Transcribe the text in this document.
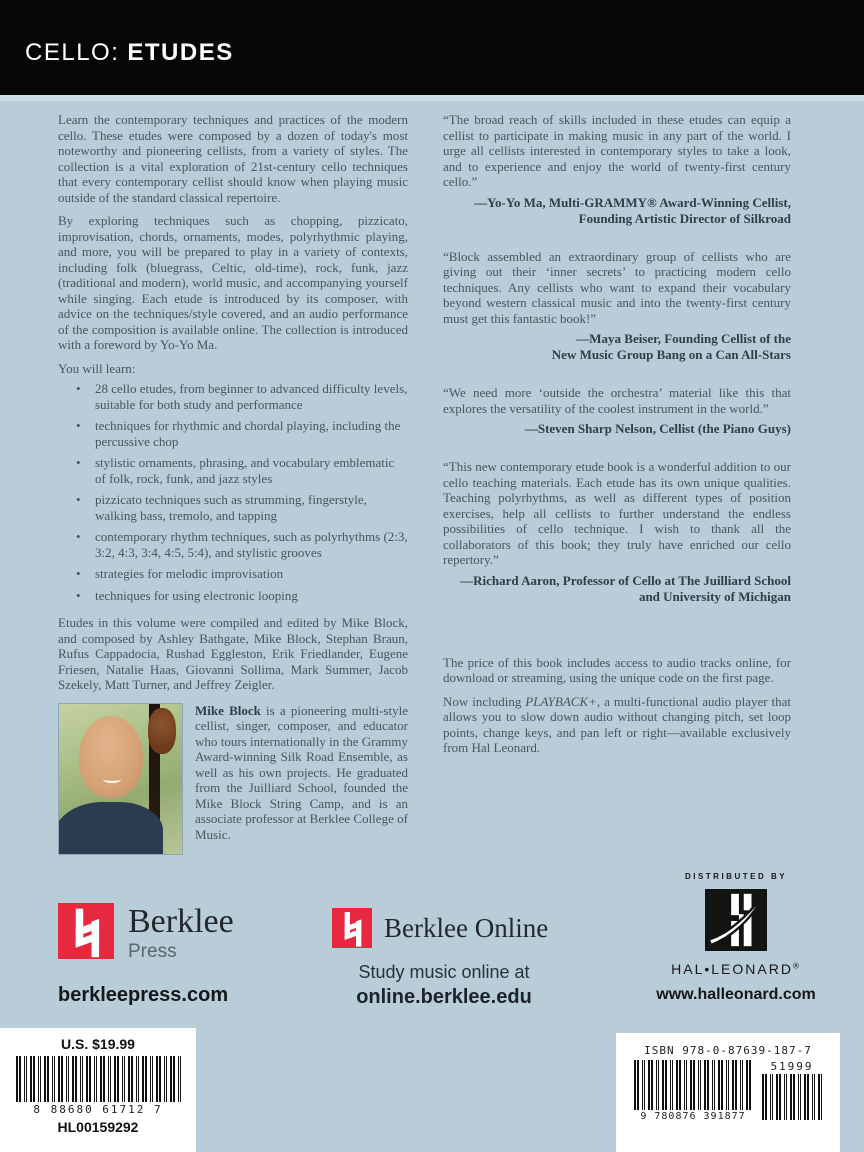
CELLO: ETUDES

Learn the contemporary techniques and practices of the modern cello. These etudes were composed by a dozen of today's most noteworthy and pioneering cellists, from a variety of styles. The collection is a vital exploration of 21st-century cello techniques that every contemporary cellist should know when playing music outside of the standard classical repertoire.

By exploring techniques such as chopping, pizzicato, improvisation, chords, ornaments, modes, polyrhythmic playing, and more, you will be prepared to play in a variety of contexts, including folk (bluegrass, Celtic, old-time), rock, funk, jazz (traditional and modern), world music, and accompanying yourself while singing. Each etude is introduced by its composer, with advice on the techniques/style covered, and an audio performance of the composition is available online. The collection is introduced with a foreword by Yo-Yo Ma.

You will learn:

• 28 cello etudes, from beginner to advanced difficulty levels, suitable for both study and performance
• techniques for rhythmic and chordal playing, including the percussive chop
• stylistic ornaments, phrasing, and vocabulary emblematic of folk, rock, funk, and jazz styles
• pizzicato techniques such as strumming, fingerstyle, walking bass, tremolo, and tapping
• contemporary rhythm techniques, such as polyrhythms (2:3, 3:2, 4:3, 3:4, 4:5, 5:4), and stylistic grooves
• strategies for melodic improvisation
• techniques for using electronic looping

Etudes in this volume were compiled and edited by Mike Block, and composed by Ashley Bathgate, Mike Block, Stephan Braun, Rufus Cappadocia, Rushad Eggleston, Erik Friedlander, Eugene Friesen, Natalie Haas, Giovanni Sollima, Mark Summer, Jacob Szekely, Matt Turner, and Jeffrey Zeigler.

Mike Block is a pioneering multi-style cellist, singer, composer, and educator who tours internationally in the Grammy Award-winning Silk Road Ensemble, as well as his own projects. He graduated from the Juilliard School, founded the Mike Block String Camp, and is an associate professor at Berklee College of Music.

“The broad reach of skills included in these etudes can equip a cellist to participate in making music in any part of the world. I urge all cellists interested in contemporary styles to take a look, and to experience and enjoy the world of twenty-first century cello.”

—Yo-Yo Ma, Multi-GRAMMY® Award-Winning Cellist,
Founding Artistic Director of Silkroad

“Block assembled an extraordinary group of cellists who are giving out their ‘inner secrets’ to practicing modern cello techniques. Any cellists who want to expand their vocabulary beyond western classical music and into the twenty-first century must get this fantastic book!”

—Maya Beiser, Founding Cellist of the
New Music Group Bang on a Can All-Stars

“We need more ‘outside the orchestra’ material like this that explores the versatility of the coolest instrument in the world.”

—Steven Sharp Nelson, Cellist (the Piano Guys)

“This new contemporary etude book is a wonderful addition to our cello teaching materials. Each etude has its own unique qualities. Teaching polyrhythms, as well as different types of position exercises, help all cellists to further understand the endless possibilities of cello technique. I wish to thank all the collaborators of this book; they truly have enriched our cello repertory.”

—Richard Aaron, Professor of Cello at The Juilliard School
and University of Michigan

The price of this book includes access to audio tracks online, for download or streaming, using the unique code on the first page.

Now including PLAYBACK+, a multi-functional audio player that allows you to slow down audio without changing pitch, set loop points, change keys, and pan left or right—available exclusively from Hal Leonard.

Berklee
Press
berkleepress.com
Berklee Online
Study music online at
online.berklee.edu
DISTRIBUTED BY
HAL•LEONARD®
www.halleonard.com
U.S. $19.99
8 88680 61712 7
HL00159292
ISBN 978-0-87639-187-7
9 780876 391877
51999
